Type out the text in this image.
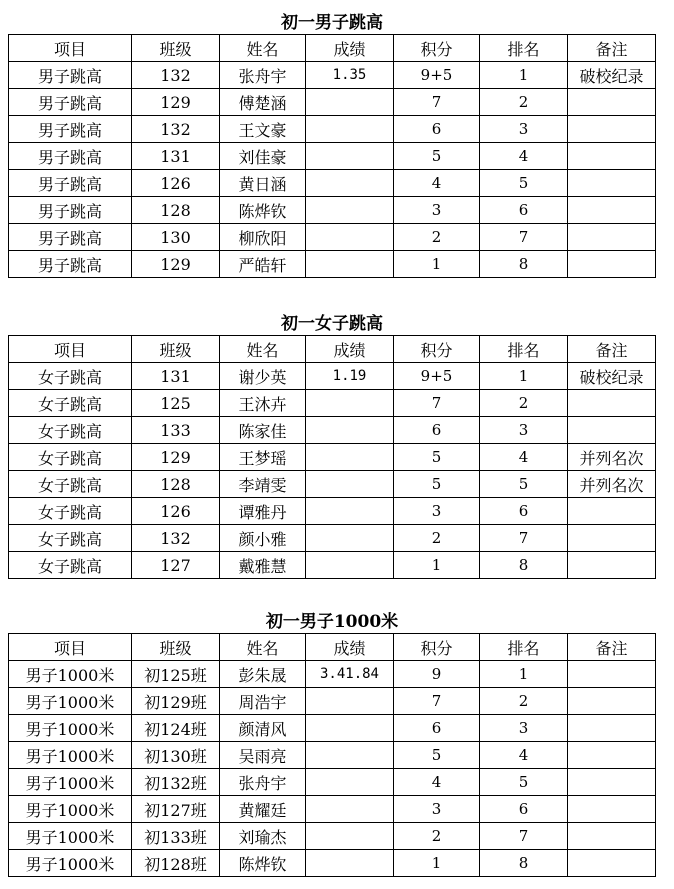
初一男子跳高
项目	班级	姓名	成绩	积分	排名	备注
男子跳高	132	张舟宇	1.35	9+5	1	破校纪录
男子跳高	129	傅楚涵		7	2	
男子跳高	132	王文豪		6	3	
男子跳高	131	刘佳豪		5	4	
男子跳高	126	黄日涵		4	5	
男子跳高	128	陈烨钦		3	6	
男子跳高	130	柳欣阳		2	7	
男子跳高	129	严皓轩		1	8	
初一女子跳高
项目	班级	姓名	成绩	积分	排名	备注
女子跳高	131	谢少英	1.19	9+5	1	破校纪录
女子跳高	125	王沐卉		7	2	
女子跳高	133	陈家佳		6	3	
女子跳高	129	王梦瑶		5	4	并列名次
女子跳高	128	李靖雯		5	5	并列名次
女子跳高	126	谭雅丹		3	6	
女子跳高	132	颜小雅		2	7	
女子跳高	127	戴雅慧		1	8	
初一男子1000米
项目	班级	姓名	成绩	积分	排名	备注
男子1000米	初125班	彭朱晟	3.41.84	9	1	
男子1000米	初129班	周浩宇		7	2	
男子1000米	初124班	颜清风		6	3	
男子1000米	初130班	吴雨亮		5	4	
男子1000米	初132班	张舟宇		4	5	
男子1000米	初127班	黄耀廷		3	6	
男子1000米	初133班	刘瑜杰		2	7	
男子1000米	初128班	陈烨钦		1	8	
